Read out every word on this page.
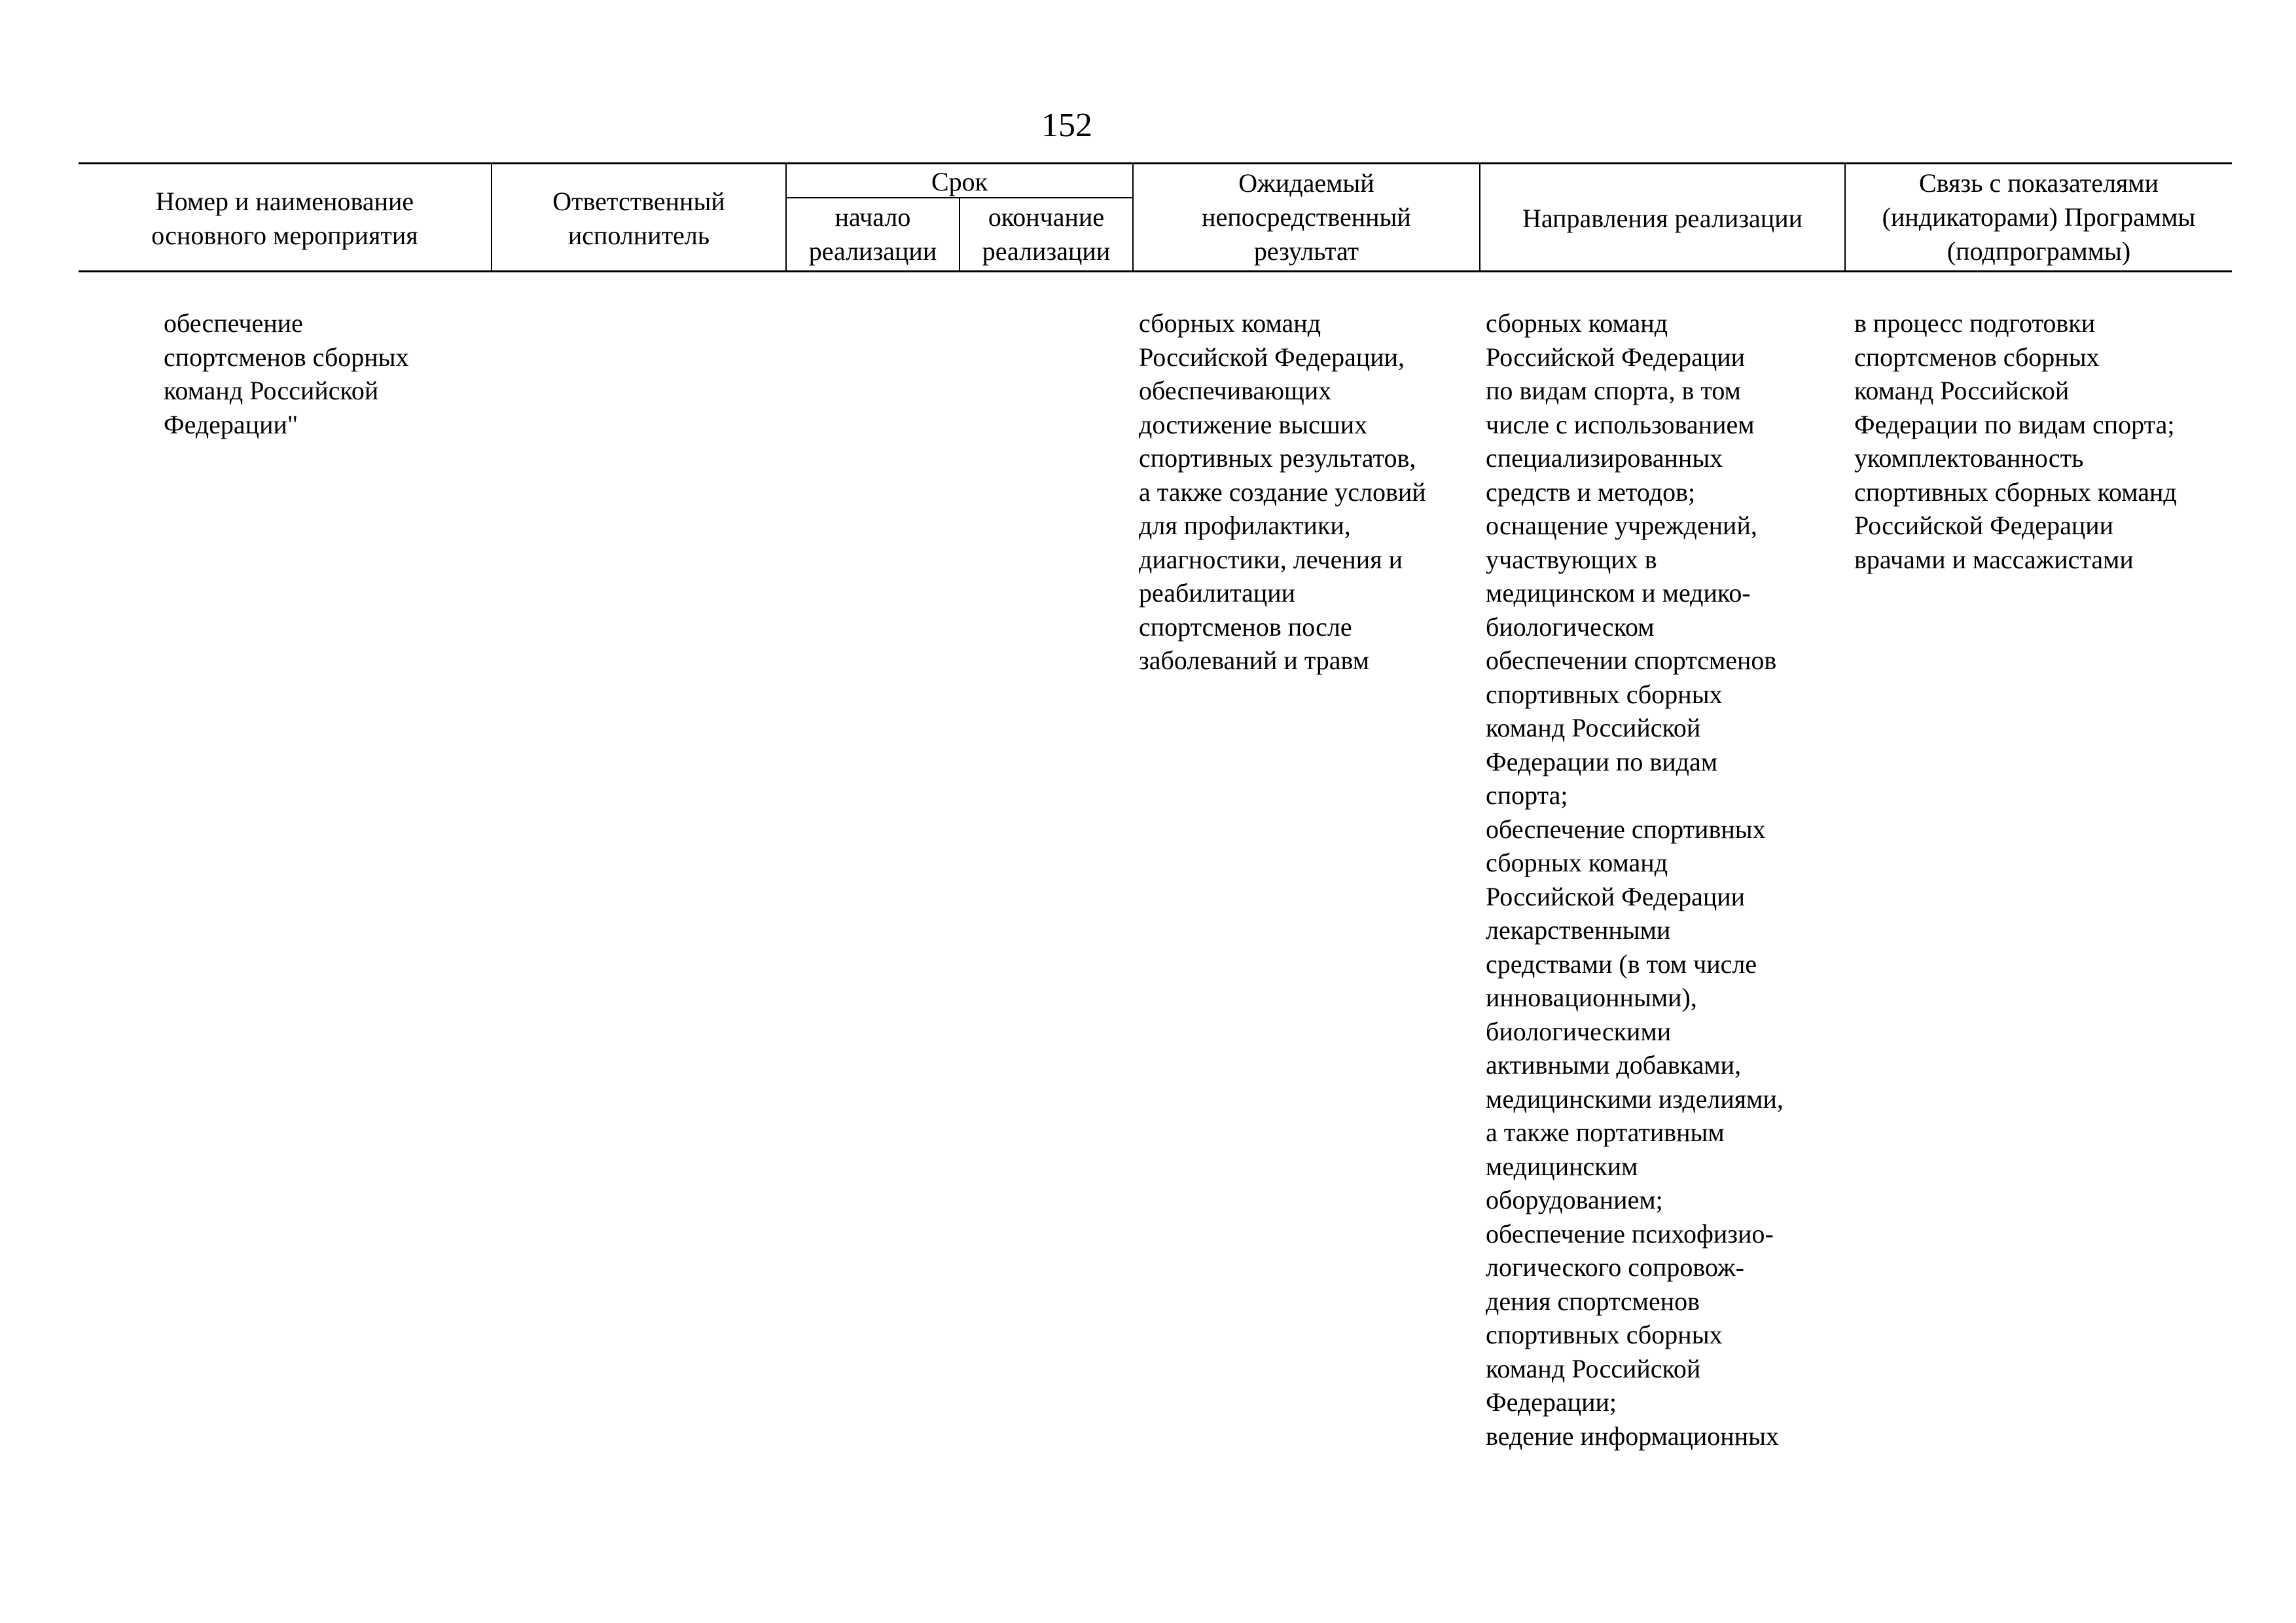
152
Номер и наименование
основного мероприятия
Ответственный
исполнитель
Срок
начало
реализации
окончание
реализации
Ожидаемый
непосредственный
результат
Направления реализации
Связь с показателями
(индикаторами) Программы
(подпрограммы)
обеспечение
спортсменов сборных
команд Российской
Федерации"
сборных команд
Российской Федерации,
обеспечивающих
достижение высших
спортивных результатов,
а также создание условий
для профилактики,
диагностики, лечения и
реабилитации
спортсменов после
заболеваний и травм
сборных команд
Российской Федерации
по видам спорта, в том
числе с использованием
специализированных
средств и методов;
оснащение учреждений,
участвующих в
медицинском и медико-
биологическом
обеспечении спортсменов
спортивных сборных
команд Российской
Федерации по видам
спорта;
обеспечение спортивных
сборных команд
Российской Федерации
лекарственными
средствами (в том числе
инновационными),
биологическими
активными добавками,
медицинскими изделиями,
а также портативным
медицинским
оборудованием;
обеспечение психофизио-
логического сопровож-
дения спортсменов
спортивных сборных
команд Российской
Федерации;
ведение информационных
в процесс подготовки
спортсменов сборных
команд Российской
Федерации по видам спорта;
укомплектованность
спортивных сборных команд
Российской Федерации
врачами и массажистами
